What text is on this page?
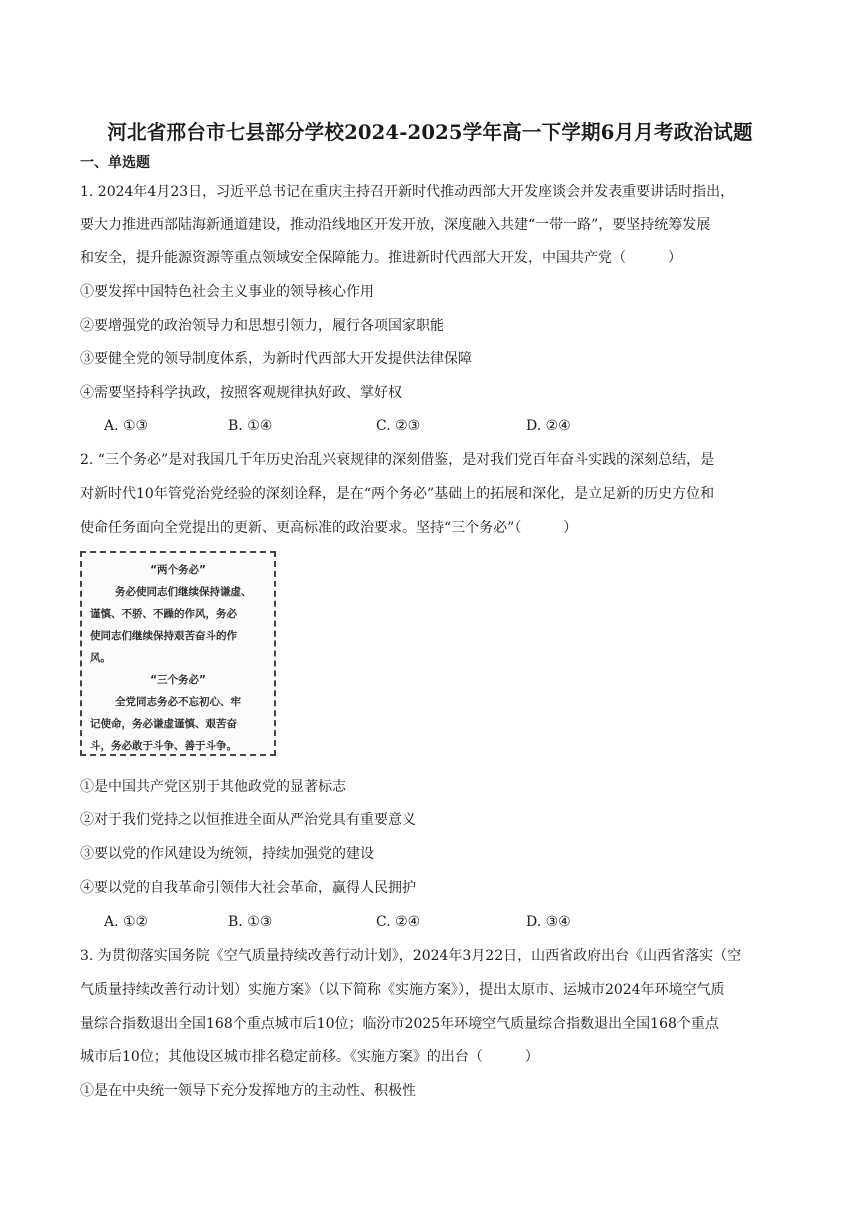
河北省邢台市七县部分学校2024-2025学年高一下学期6月月考政治试题
一、单选题
1. 2024年4月23日，习近平总书记在重庆主持召开新时代推动西部大开发座谈会并发表重要讲话时指出，
要大力推进西部陆海新通道建设，推动沿线地区开发开放，深度融入共建“一带一路”，要坚持统筹发展
和安全，提升能源资源等重点领域安全保障能力。推进新时代西部大开发，中国共产党（　　　）
①要发挥中国特色社会主义事业的领导核心作用
②要增强党的政治领导力和思想引领力，履行各项国家职能
③要健全党的领导制度体系，为新时代西部大开发提供法律保障
④需要坚持科学执政，按照客观规律执好政、掌好权
A. ①③	B. ①④	C. ②③	D. ②④
2. “三个务必”是对我国几千年历史治乱兴衰规律的深刻借鉴，是对我们党百年奋斗实践的深刻总结，是
对新时代10年管党治党经验的深刻诠释，是在“两个务必”基础上的拓展和深化，是立足新的历史方位和
使命任务面向全党提出的更新、更高标准的政治要求。坚持“三个务必”（　　　）
“两个务必”
务必使同志们继续保持谦虚、
谨慎、不骄、不躁的作风，务必
使同志们继续保持艰苦奋斗的作
风。
“三个务必”
全党同志务必不忘初心、牢
记使命，务必谦虚谨慎、艰苦奋
斗，务必敢于斗争、善于斗争。
①是中国共产党区别于其他政党的显著标志
②对于我们党持之以恒推进全面从严治党具有重要意义
③要以党的作风建设为统领，持续加强党的建设
④要以党的自我革命引领伟大社会革命，赢得人民拥护
A. ①②	B. ①③	C. ②④	D. ③④
3. 为贯彻落实国务院《空气质量持续改善行动计划》，2024年3月22日，山西省政府出台《山西省落实（空
气质量持续改善行动计划）实施方案》（以下简称《实施方案》），提出太原市、运城市2024年环境空气质
量综合指数退出全国168个重点城市后10位；临汾市2025年环境空气质量综合指数退出全国168个重点
城市后10位；其他设区城市排名稳定前移。《实施方案》的出台（　　　）
①是在中央统一领导下充分发挥地方的主动性、积极性
